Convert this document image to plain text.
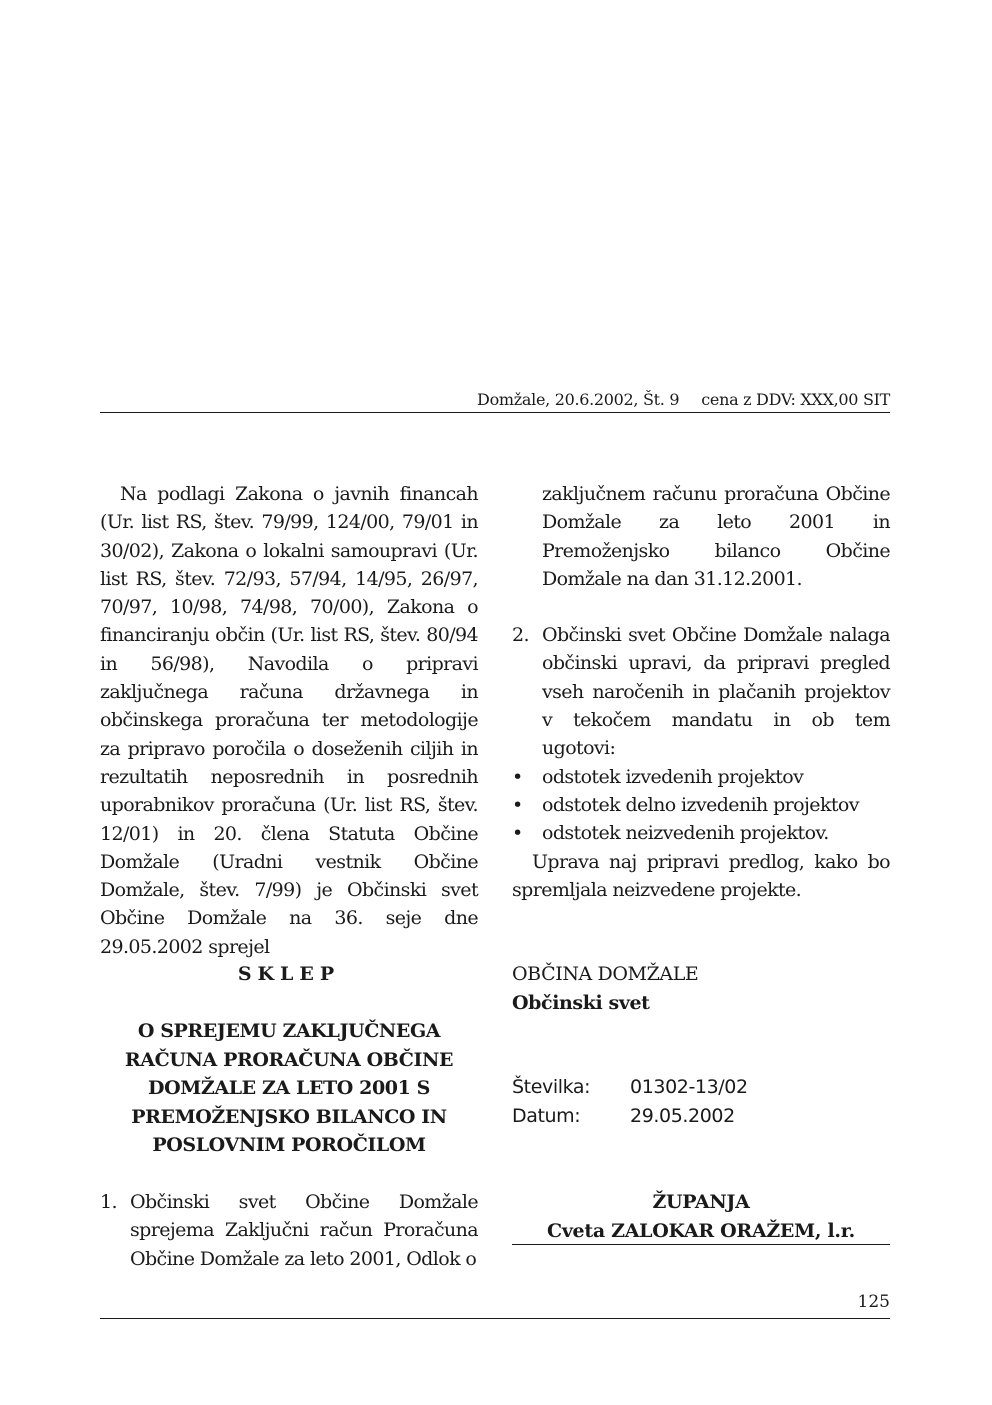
Domžale, 20.6.2002, Št. 9 cena z DDV: XXX,00 SIT

Na podlagi Zakona o javnih financah (Ur. list RS, štev. 79/99, 124/00, 79/01 in 30/02), Zakona o lokalni samoupravi (Ur. list RS, štev. 72/93, 57/94, 14/95, 26/97, 70/97, 10/98, 74/98, 70/00), Zakona o financiranju občin (Ur. list RS, štev. 80/94 in 56/98), Navodila o pripravi zaključnega računa državnega in občinskega proračuna ter metodologije za pripravo poročila o doseženih ciljih in rezultatih neposrednih in posrednih uporabnikov proračuna (Ur. list RS, štev. 12/01) in 20. člena Statuta Občine Domžale (Uradni vestnik Občine Domžale, štev. 7/99) je Občinski svet Občine Domžale na 36. seje dne 29.05.2002 sprejel

SKLEP
O SPREJEMU ZAKLJUČNEGA
RAČUNA PRORAČUNA OBČINE
DOMŽALE ZA LETO 2001 S
PREMOŽENJSKO BILANCO IN
POSLOVNIM POROČILOM
1. Občinski svet Občine Domžale sprejema Zaključni račun Proračuna Občine Domžale za leto 2001, Odlok o

zaključnem računu proračuna Občine Domžale za leto 2001 in Premoženjsko bilanco Občine Domžale na dan 31.12.2001.

2. Občinski svet Občine Domžale nalaga občinski upravi, da pripravi pregled vseh naročenih in plačanih projektov v tekočem mandatu in ob tem ugotovi:
•	odstotek izvedenih projektov
•	odstotek delno izvedenih projektov
•	odstotek neizvedenih projektov.

Uprava naj pripravi predlog, kako bo spremljala neizvedene projekte.

OBČINA DOMŽALE
Občinski svet
Številka:	01302-13/02
Datum:	29.05.2002
ŽUPANJA
Cveta ZALOKAR ORAŽEM, l.r.
125
